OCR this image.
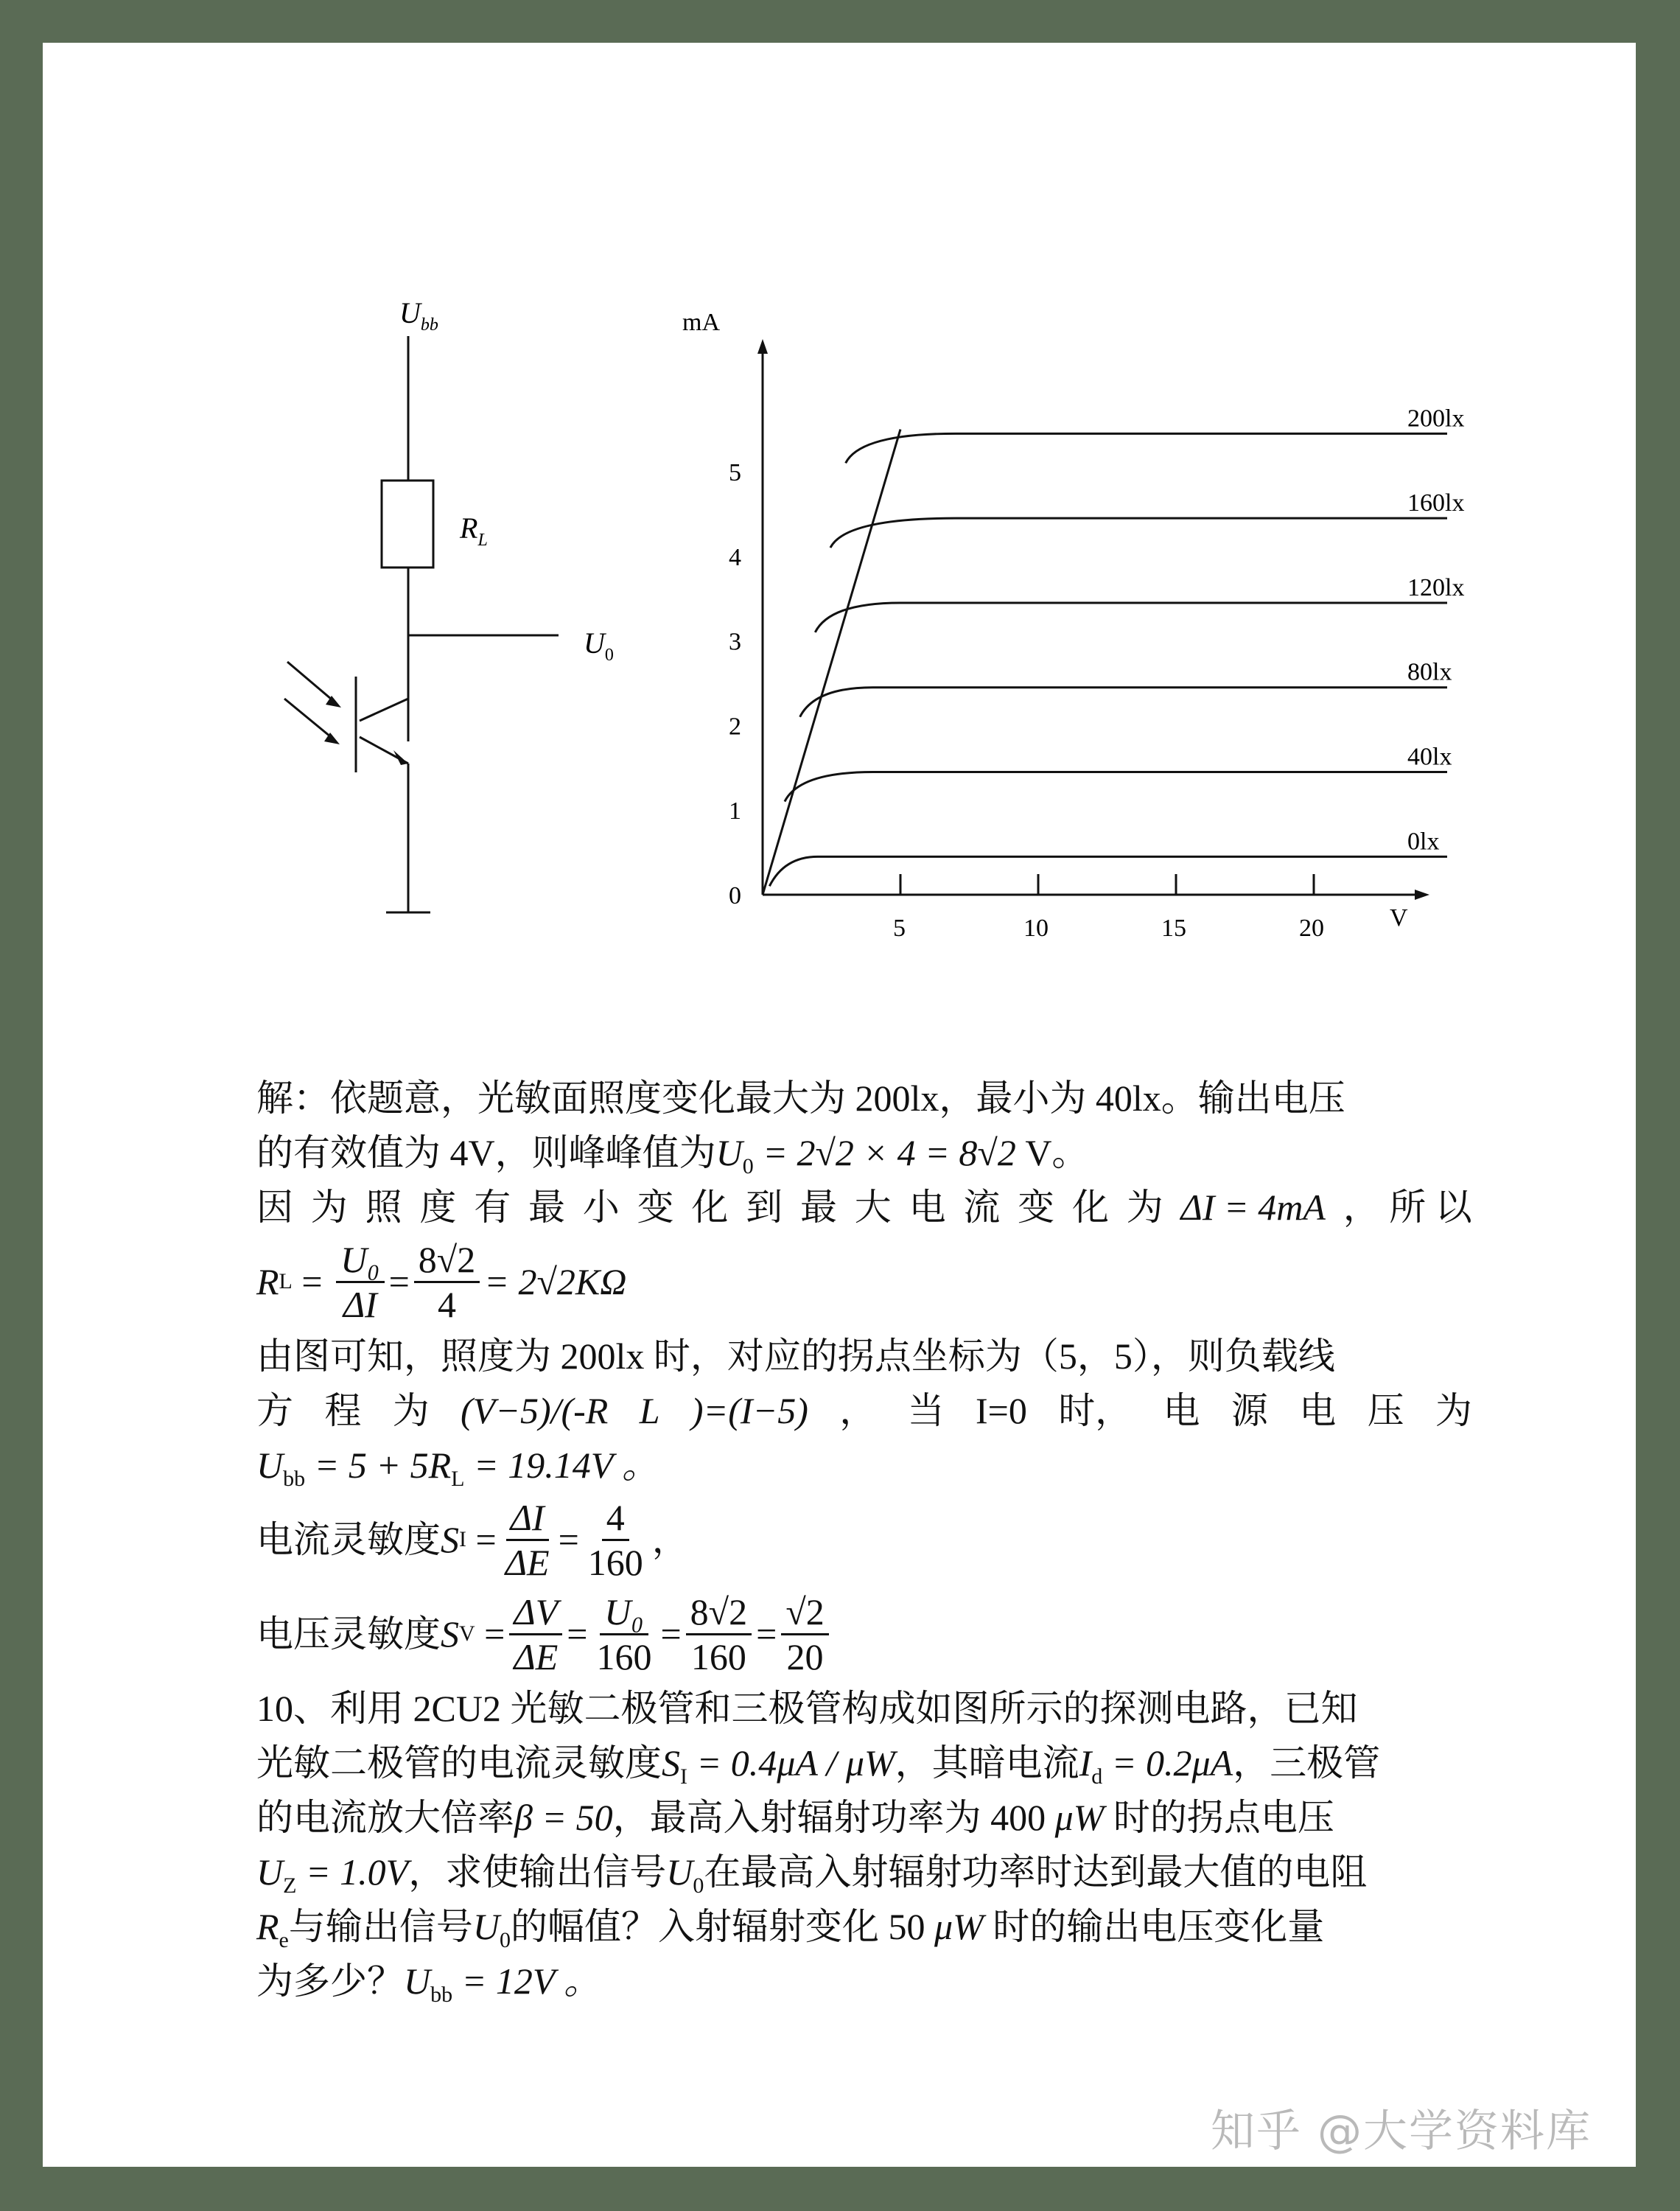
$U_{bb}$
$R_L$
$U_0$
mA
V
5	10	15	20
0
1
2
3
4
5
0lx
40lx
80lx
120lx
160lx
200lx
解：依题意，光敏面照度变化最大为 200lx，最小为 40lx。输出电压
的有效值为 4V，则峰峰值为$U_0 = 2√2 \times 4 = 8√2$ V。
因 为 照 度 有 最 小 变 化 到 最 大 电 流 变 化 为 ΔI = 4mA ， 所 以
R $L = \frac{\text{U₀}}{\Delta I} = \frac{8√2}{4} = 2√2K\Omega$
由图可知，照度为 200lx 时，对应的拐点坐标为（5，5），则负载线
方 程 为 (V−5)/(-R L )=(I−5) ， 当 I=0 时， 电 源 电 压 为
$U_{bb} = 5 + 5R_L = 19.14V$ 。
电流灵敏度 S $I = \frac{\Delta I}{\Delta E} = \frac{4}{160}$ ，
电压灵敏度 S $V = \frac{\Delta V}{\Delta E} = \frac{\text{U₀}}{160} = \frac{8√2}{160} = \frac{√2}{20}$
10、利用 2CU2 光敏二极管和三极管构成如图所示的探测电路，已知
光敏二极管的电流灵敏度$S_I = 0.4\mu A / \mu W$，其暗电流$I_d = 0.2\mu A$，三极管
的电流放大倍率β = 50，最高入射辐射功率为 400 μW 时的拐点电压
$U_Z = 1.0V$，求使输出信号$U_0$在最高入射辐射功率时达到最大值的电阻
$R_e$与输出信号$U_0$的幅值？入射辐射变化 50 μW 时的输出电压变化量
为多少？$U_{bb} = 12V$ 。
知乎 @大学资料库
